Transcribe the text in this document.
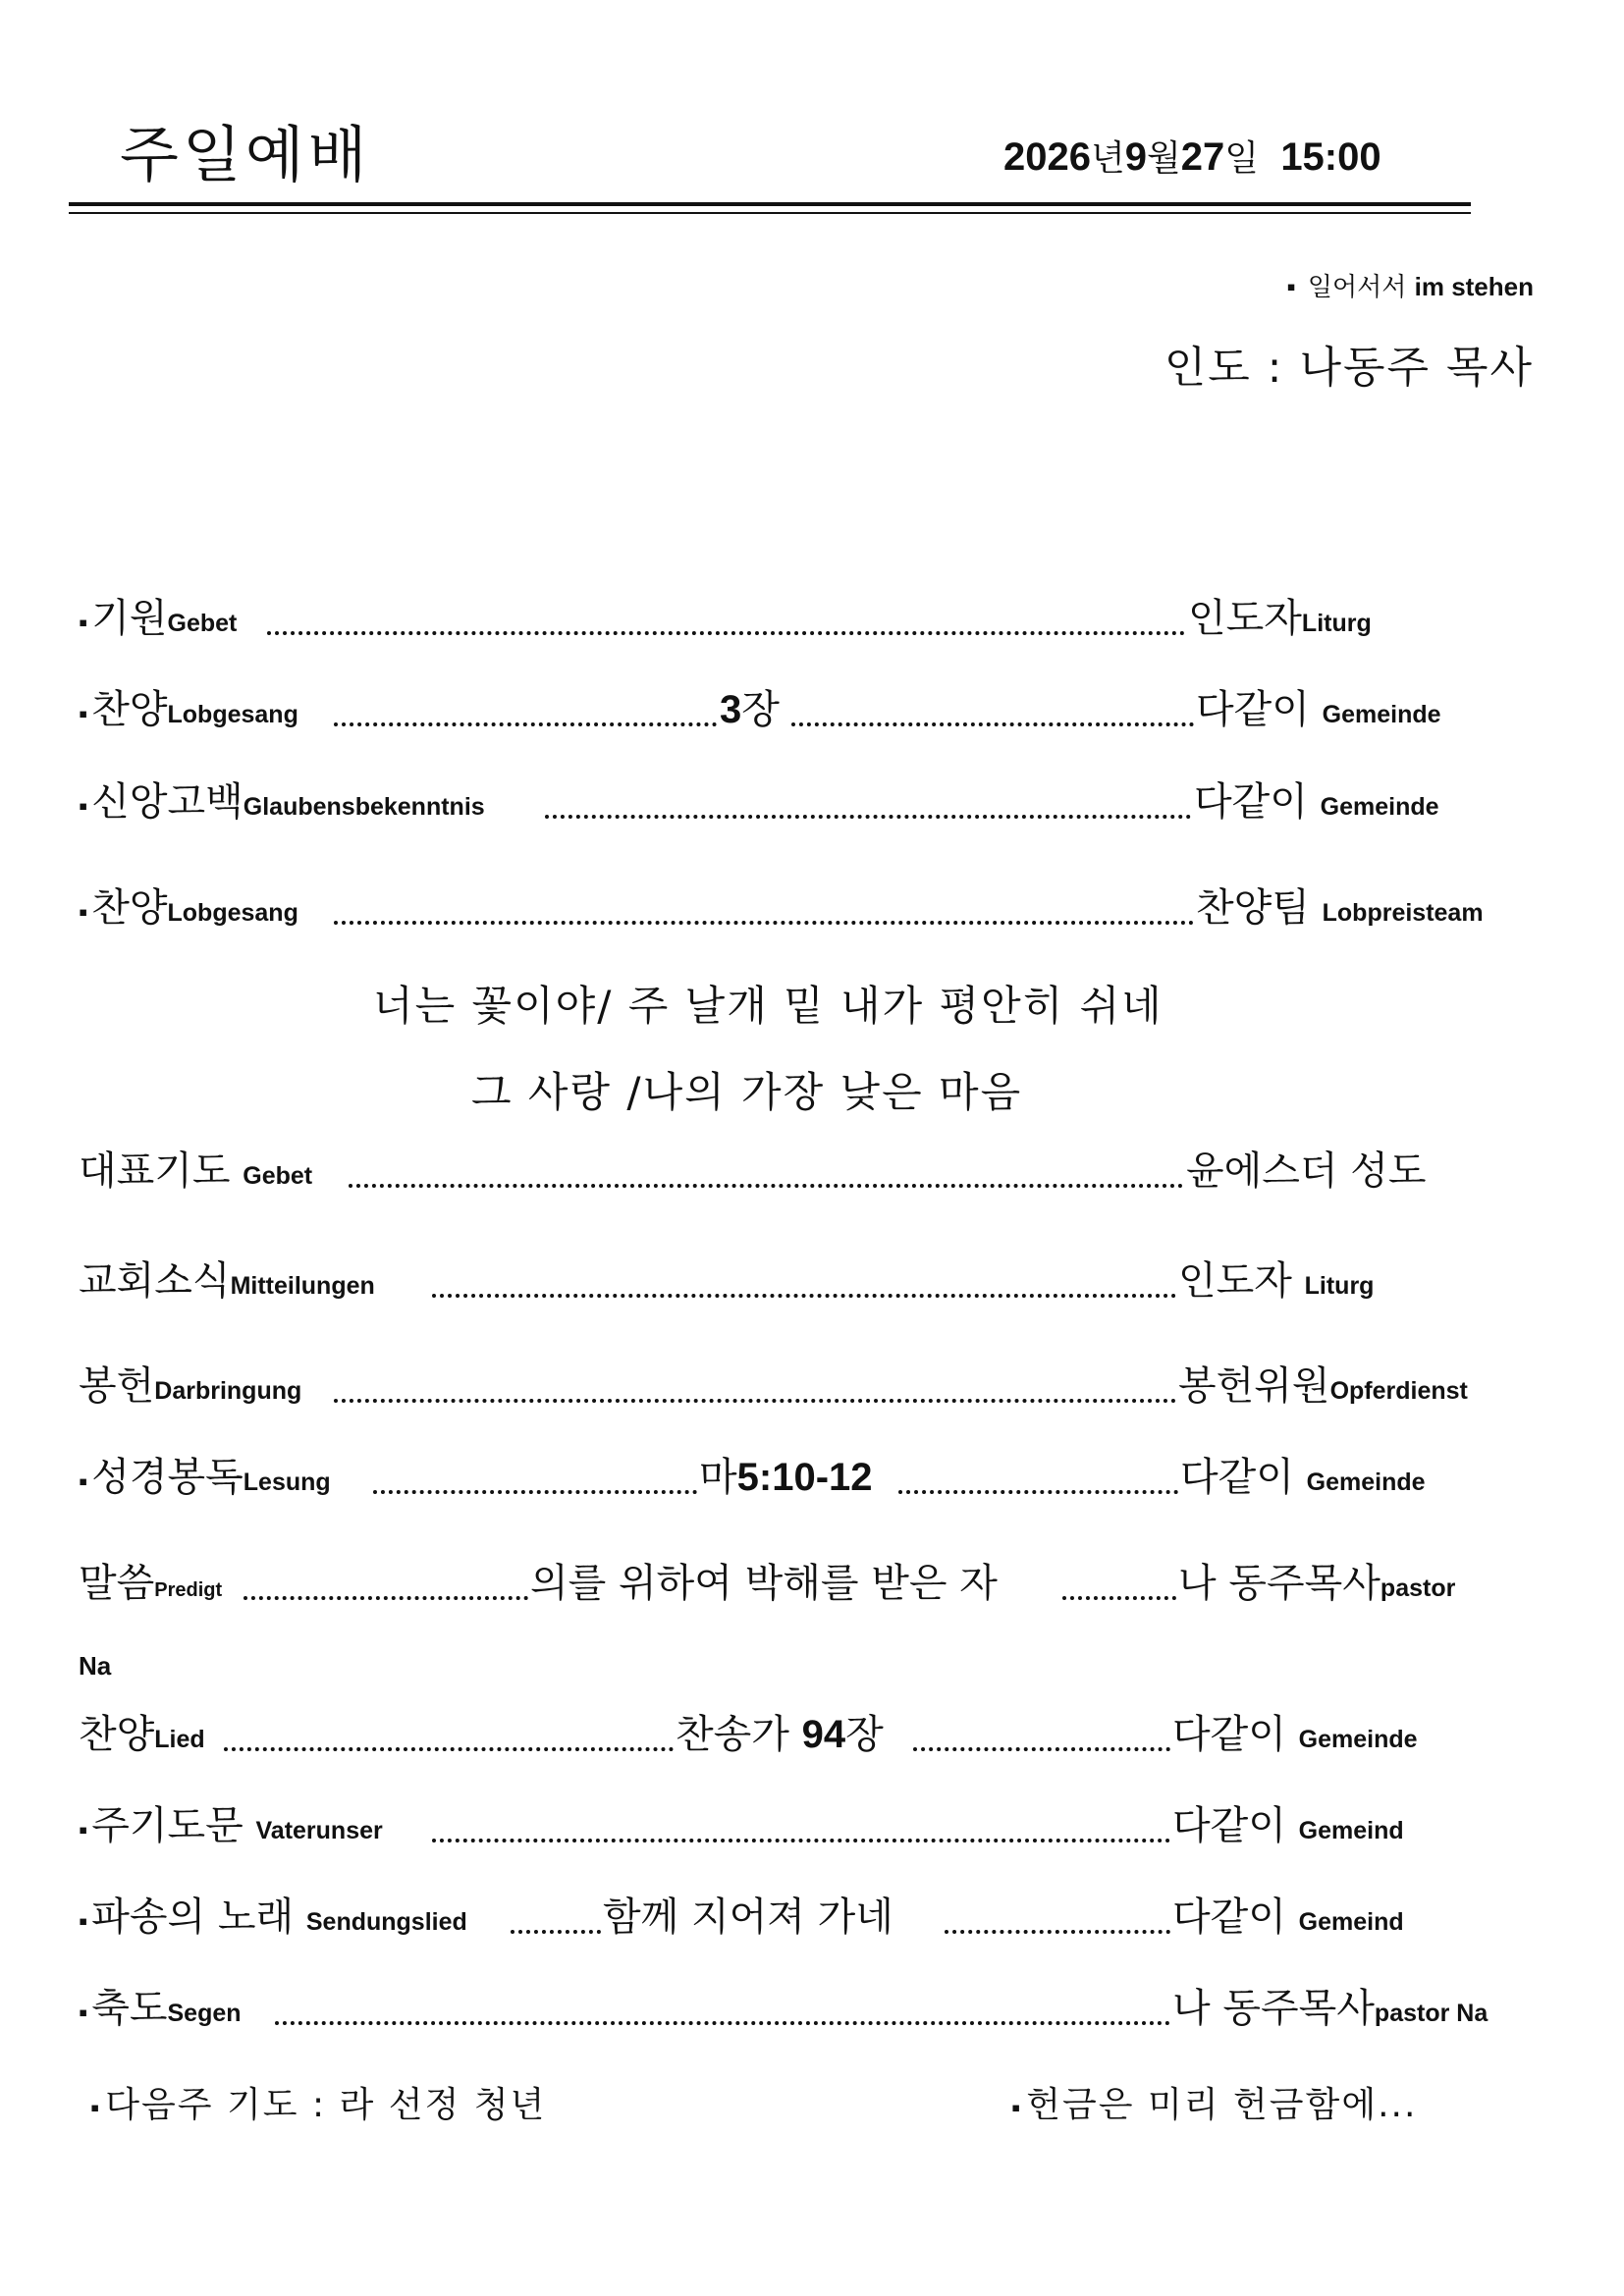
주일예배	2026년9월27일 15:00
▪ 일어서서 im stehen
인도 : 나동주 목사
▪ 기원Gebet	인도자Liturg
▪ 찬양Lobgesang	3장	다같이 Gemeinde
▪ 신앙고백Glaubensbekenntnis	다같이 Gemeinde
▪ 찬양Lobgesang	찬양팀 Lobpreisteam
너는 꽃이야/ 주 날개 밑 내가 평안히 쉬네
그 사랑 /나의 가장 낮은 마음
대표기도 Gebet	윤에스더 성도
교회소식Mitteilungen	인도자 Liturg
봉헌Darbringung	봉헌위원Opferdienst
▪ 성경봉독Lesung	마5:10-12	다같이 Gemeinde
말씀Predigt	의를 위하여 박해를 받은 자	나 동주목사pastor
Na
찬양Lied	찬송가 94장	다같이 Gemeinde
▪ 주기도문 Vaterunser	다같이 Gemeind
▪ 파송의 노래 Sendungslied	함께 지어져 가네	다같이 Gemeind
▪ 축도Segen	나 동주목사pastor Na
▪ 다음주 기도 : 라 선정 청년	▪ 헌금은 미리 헌금함에...
